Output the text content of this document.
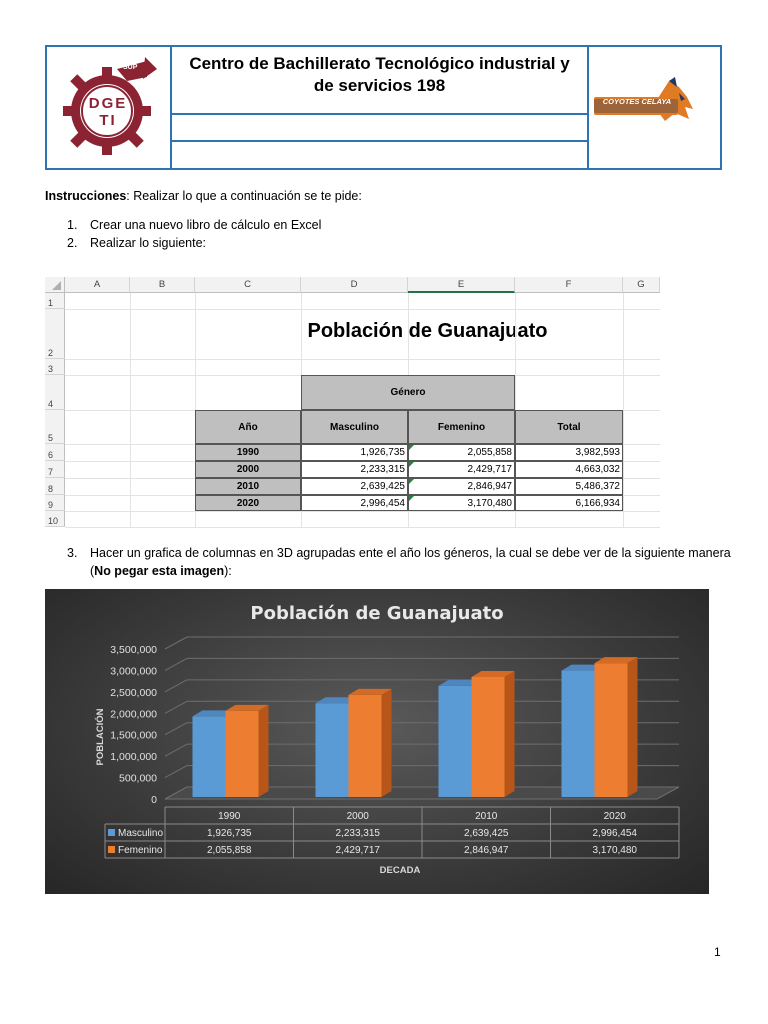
SUP
DGETI
Centro de Bachillerato Tecnológico industrial y
de servicios 198
COYOTES CELAYA
Instrucciones: Realizar lo que a continuación se te pide:
1. Crear una nuevo libro de cálculo en Excel
2. Realizar lo siguiente:
Población de Guanajuato
A	B	C	D	E	F	G
1
2
3
4
5
6
7
8
9
10
Género
Año	Masculino	Femenino	Total
1990	1,926,735	2,055,858	3,982,593
2000	2,233,315	2,429,717	4,663,032
2010	2,639,425	2,846,947	5,486,372
2020	2,996,454	3,170,480	6,166,934
3. Hacer un grafica de columnas en 3D agrupadas ente el año los géneros, la cual se debe ver de la siguiente manera
(No pegar esta imagen):
Población de Guanajuato
0
500,000
1,000,000
1,500,000
2,000,000
2,500,000
3,000,000
3,500,000
POBLACIÓN
1990	2000	2010	2020
Masculino	1,926,735	2,233,315	2,639,425	2,996,454
Femenino	2,055,858	2,429,717	2,846,947	3,170,480
DECADA
1
